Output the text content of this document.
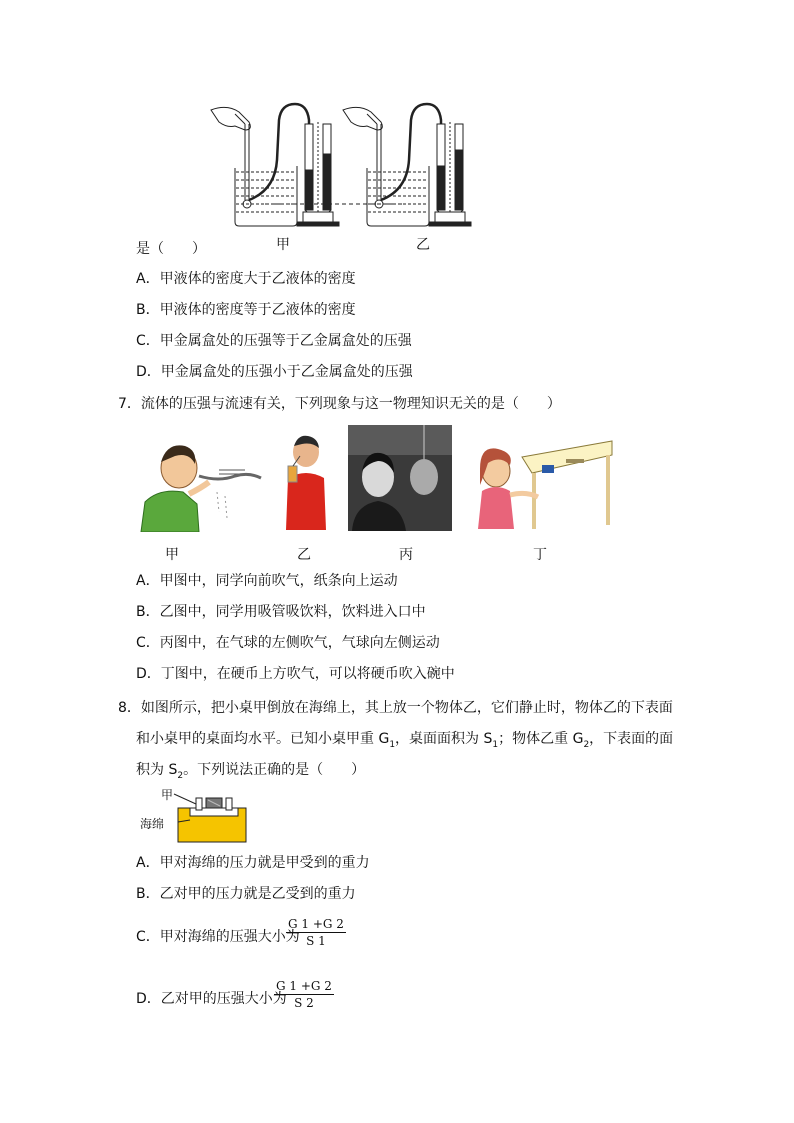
是（　　）	甲	乙
A．甲液体的密度大于乙液体的密度
B．甲液体的密度等于乙液体的密度
C．甲金属盒处的压强等于乙金属盒处的压强
D．甲金属盒处的压强小于乙金属盒处的压强
7．流体的压强与流速有关，下列现象与这一物理知识无关的是（　　）
甲	乙	丙	丁
A．甲图中，同学向前吹气，纸条向上运动
B．乙图中，同学用吸管吸饮料，饮料进入口中
C．丙图中，在气球的左侧吹气，气球向左侧运动
D．丁图中，在硬币上方吹气，可以将硬币吹入碗中
8．如图所示，把小桌甲倒放在海绵上，其上放一个物体乙，它们静止时，物体乙的下表面
和小桌甲的桌面均水平。已知小桌甲重 $G_1$，桌面面积为 $S_1$；物体乙重 $G_2$，下表面的面
积为 $S_2$。下列说法正确的是（　　）
甲
海绵
A．甲对海绵的压力就是甲受到的重力
B．乙对甲的压力就是乙受到的重力
C．甲对海绵的压强大小为
$\frac{G 1 +G 2}{S 1}$
D．乙对甲的压强大小为
$\frac{G 1 +G 2}{S 2}$
